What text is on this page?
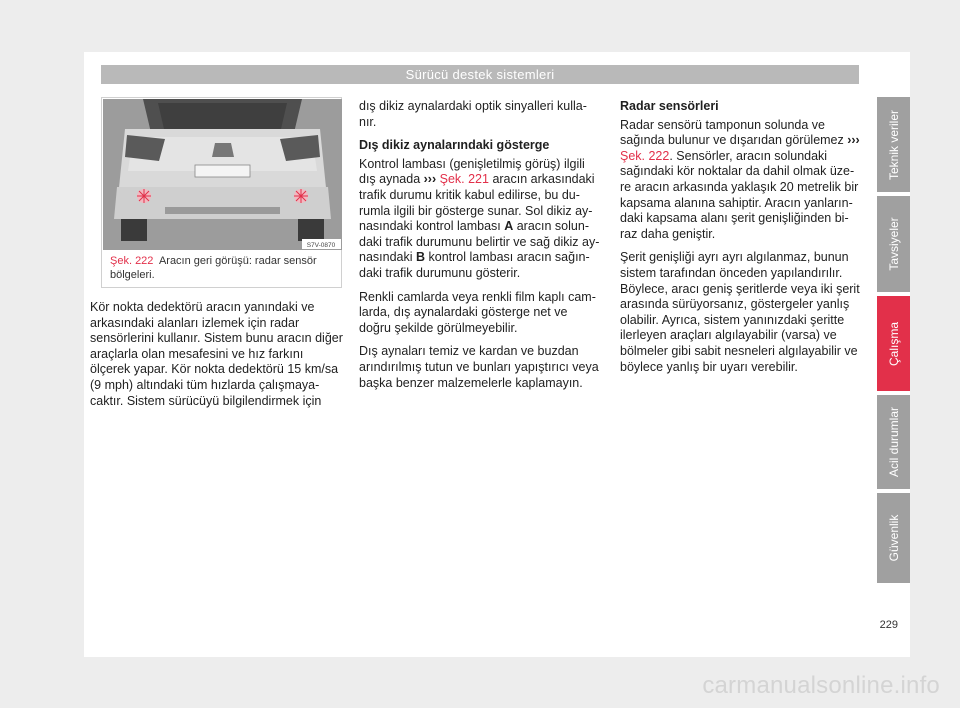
Sürücü destek sistemleri
S7V-0870
Şek. 222 Aracın geri görüşü: radar sensör bölgeleri.

Kör nokta dedektörü aracın yanındaki ve arkasındaki alanları izlemek için radar sensörlerini kullanır. Sistem bunu aracın diğer araçlarla olan mesafesini ve hız farkını ölçerek yapar. Kör nokta dedektörü 15 km/sa (9 mph) altındaki tüm hızlarda çalışmaya-caktır. Sistem sürücüyü bilgilendirmek için

dış dikiz aynalardaki optik sinyalleri kulla-nır.

Dış dikiz aynalarındaki gösterge

Kontrol lambası (genişletilmiş görüş) ilgili dış aynada ››› Şek. 221 aracın arkasındaki trafik durumu kritik kabul edilirse, bu du-rumla ilgili bir gösterge sunar. Sol dikiz ay-nasındaki kontrol lambası A aracın solun-daki trafik durumunu belirtir ve sağ dikiz ay-nasındaki B kontrol lambası aracın sağın-daki trafik durumunu gösterir.

Renkli camlarda veya renkli film kaplı cam-larda, dış aynalardaki gösterge net ve doğru şekilde görülmeyebilir.

Dış aynaları temiz ve kardan ve buzdan arındırılmış tutun ve bunları yapıştırıcı veya başka benzer malzemelerle kaplamayın.

Radar sensörleri

Radar sensörü tamponun solunda ve sağında bulunur ve dışarıdan görülemez ››› Şek. 222. Sensörler, aracın solundaki sağındaki kör noktalar da dahil olmak üze-re aracın arkasında yaklaşık 20 metrelik bir kapsama alanına sahiptir. Aracın yanların-daki kapsama alanı şerit genişliğinden bi-raz daha geniştir.

Şerit genişliği ayrı ayrı algılanmaz, bunun sistem tarafından önceden yapılandırılır. Böylece, aracı geniş şeritlerde veya iki şerit arasında sürüyorsanız, göstergeler yanlış olabilir. Ayrıca, sistem yanınızdaki şeritte ilerleyen araçları algılayabilir (varsa) ve bölmeler gibi sabit nesneleri algılayabilir ve böylece yanlış bir uyarı verebilir.

Teknik veriler
Tavsiyeler
Çalışma
Acil durumlar
Güvenlik
229
carmanualsonline.info
